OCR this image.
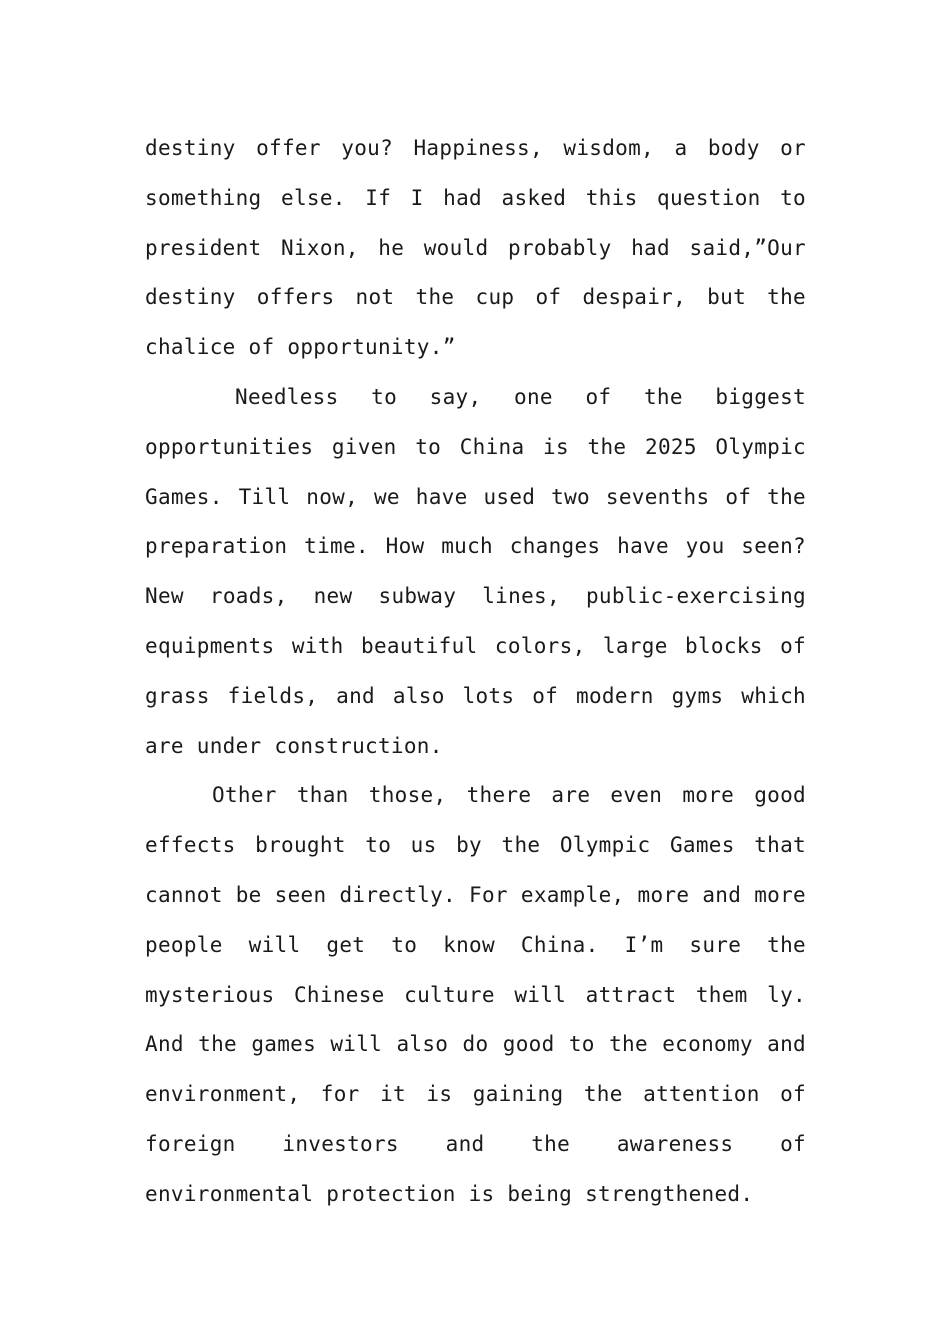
destiny offer you? Happiness, wisdom, a body or something else. If I had asked this question to president Nixon, he would probably had said,”Our destiny offers not the cup of despair, but the chalice of opportunity.”

Needless to say, one of the biggest opportunities given to China is the 2025 Olympic Games. Till now, we have used two sevenths of the preparation time. How much changes have you seen? New roads, new subway lines, public-exercising equipments with beautiful colors, large blocks of grass fields, and also lots of modern gyms which are under construction.

Other than those, there are even more good effects brought to us by the Olympic Games that cannot be seen directly. For example, more and more people will get to know China. I’m sure the mysterious Chinese culture will attract them ly. And the games will also do good to the economy and environment, for it is gaining the attention of foreign investors and the awareness of environmental protection is being strengthened.
